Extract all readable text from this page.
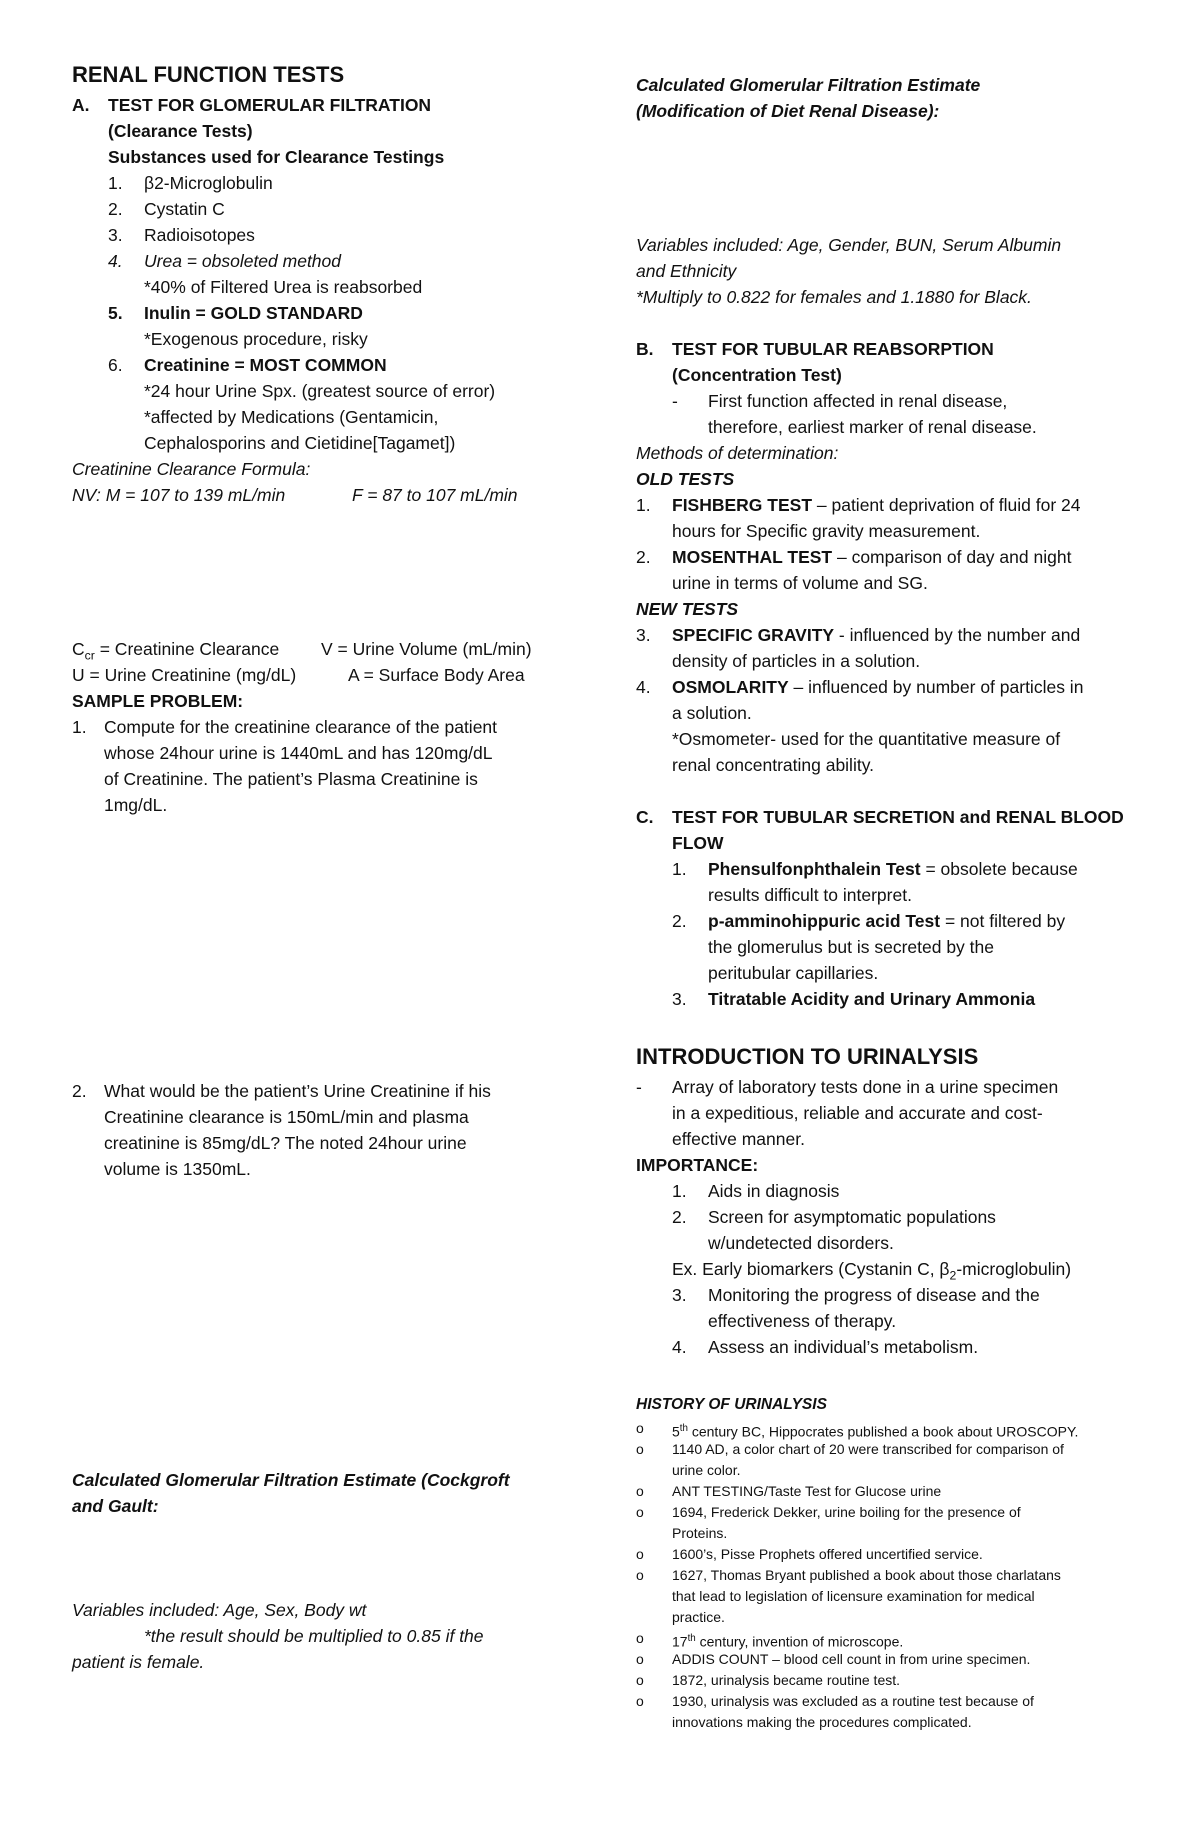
RENAL FUNCTION TESTS
A. TEST FOR GLOMERULAR FILTRATION
(Clearance Tests)
Substances used for Clearance Testings
1. β2-Microglobulin
2. Cystatin C
3. Radioisotopes
4. Urea = obsoleted method
*40% of Filtered Urea is reabsorbed
5. Inulin = GOLD STANDARD
*Exogenous procedure, risky
6. Creatinine = MOST COMMON
*24 hour Urine Spx. (greatest source of error)
*affected by Medications (Gentamicin,
Cephalosporins and Cietidine[Tagamet])
Creatinine Clearance Formula:
NV: M = 107 to 139 mL/min	F = 87 to 107 mL/min
$C_{cr}$ = Creatinine Clearance V = Urine Volume (mL/min)
U = Urine Creatinine (mg/dL)	A = Surface Body Area
SAMPLE PROBLEM:
1. Compute for the creatinine clearance of the patient
whose 24hour urine is 1440mL and has 120mg/dL
of Creatinine. The patient’s Plasma Creatinine is
1mg/dL.
2. What would be the patient’s Urine Creatinine if his
Creatinine clearance is 150mL/min and plasma
creatinine is 85mg/dL? The noted 24hour urine
volume is 1350mL.
Calculated Glomerular Filtration Estimate (Cockgroft
and Gault:
Variables included: Age, Sex, Body wt
*the result should be multiplied to 0.85 if the
patient is female.
Calculated Glomerular Filtration Estimate
(Modification of Diet Renal Disease):
Variables included: Age, Gender, BUN, Serum Albumin
and Ethnicity
*Multiply to 0.822 for females and 1.1880 for Black.
B. TEST FOR TUBULAR REABSORPTION
(Concentration Test)
- First function affected in renal disease,
therefore, earliest marker of renal disease.
Methods of determination:
OLD TESTS
1. FISHBERG TEST – patient deprivation of fluid for 24
hours for Specific gravity measurement.
2. MOSENTHAL TEST – comparison of day and night
urine in terms of volume and SG.
NEW TESTS
3. SPECIFIC GRAVITY - influenced by the number and
density of particles in a solution.
4. OSMOLARITY – influenced by number of particles in
a solution.
*Osmometer- used for the quantitative measure of
renal concentrating ability.
C. TEST FOR TUBULAR SECRETION and RENAL BLOOD
FLOW
1. Phensulfonphthalein Test = obsolete because
results difficult to interpret.
2. p-amminohippuric acid Test = not filtered by
the glomerulus but is secreted by the
peritubular capillaries.
3. Titratable Acidity and Urinary Ammonia
INTRODUCTION TO URINALYSIS
- Array of laboratory tests done in a urine specimen
in a expeditious, reliable and accurate and cost-
effective manner.
IMPORTANCE:
1. Aids in diagnosis
2. Screen for asymptomatic populations
w/undetected disorders.
Ex. Early biomarkers (Cystanin C, $\beta_2-microglobulin$)
3. Monitoring the progress of disease and the
effectiveness of therapy.
4. Assess an individual’s metabolism.
HISTORY OF URINALYSIS
o 5th century BC, Hippocrates published a book about UROSCOPY.
o 1140 AD, a color chart of 20 were transcribed for comparison of
urine color.
o ANT TESTING/Taste Test for Glucose urine
o 1694, Frederick Dekker, urine boiling for the presence of
Proteins.
o 1600’s, Pisse Prophets offered uncertified service.
o 1627, Thomas Bryant published a book about those charlatans
that lead to legislation of licensure examination for medical
practice.
o 17th century, invention of microscope.
o ADDIS COUNT – blood cell count in from urine specimen.
o 1872, urinalysis became routine test.
o 1930, urinalysis was excluded as a routine test because of
innovations making the procedures complicated.
